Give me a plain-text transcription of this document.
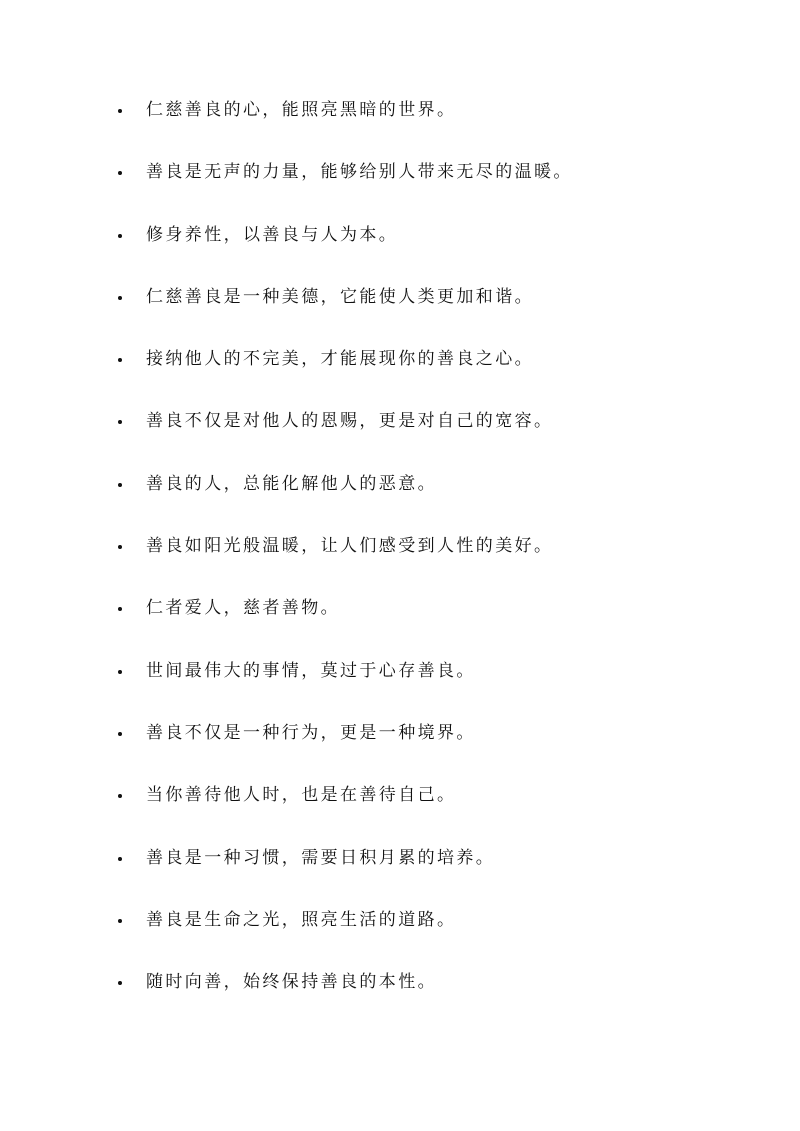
仁慈善良的心，能照亮黑暗的世界。
善良是无声的力量，能够给别人带来无尽的温暖。
修身养性，以善良与人为本。
仁慈善良是一种美德，它能使人类更加和谐。
接纳他人的不完美，才能展现你的善良之心。
善良不仅是对他人的恩赐，更是对自己的宽容。
善良的人，总能化解他人的恶意。
善良如阳光般温暖，让人们感受到人性的美好。
仁者爱人，慈者善物。
世间最伟大的事情，莫过于心存善良。
善良不仅是一种行为，更是一种境界。
当你善待他人时，也是在善待自己。
善良是一种习惯，需要日积月累的培养。
善良是生命之光，照亮生活的道路。
随时向善，始终保持善良的本性。
